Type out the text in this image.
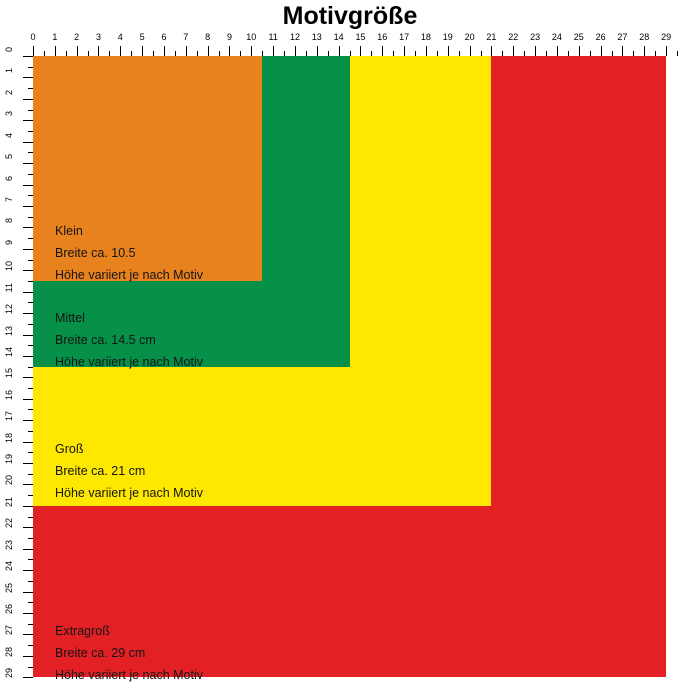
Motivgröße
0	1	2	3	4	5	6	7	8	9	10	11	12	13	14	15	16	17	18	19	20	21	22	23	24	25	26	27	28	29
0
1
2
3
4
5
6
7
8
9
10
11
12
13
14
15
16
17
18
19
20
21
22
23
24
25
26
27
28
29
Klein
Breite ca. 10.5
Höhe variiert je nach Motiv
Mittel
Breite ca. 14.5 cm
Höhe variiert je nach Motiv
Groß
Breite ca. 21 cm
Höhe variiert je nach Motiv
Extragroß
Breite ca. 29 cm
Höhe variiert je nach Motiv
